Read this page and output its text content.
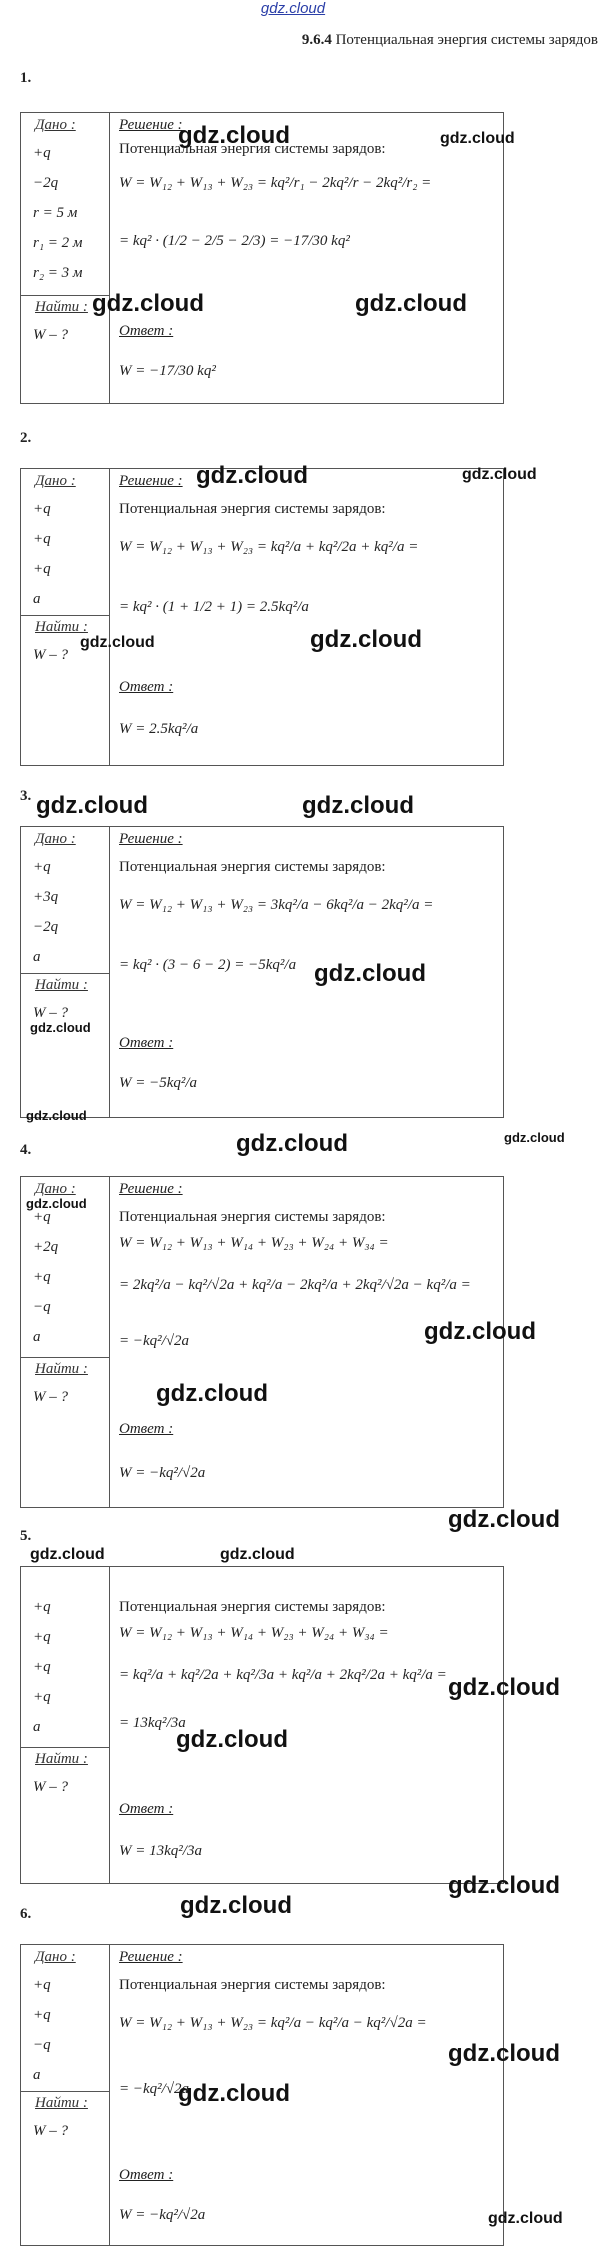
gdz.cloud
9.6.4 Потенциальная энергия системы зарядов
1.
Дано :
+q
−2q
r = 5 м
r₁ = 2 м
r₂ = 3 м
Найти :
W – ?
Решение :
Потенциальная энергия системы зарядов:
W = W₁₂ + W₁₃ + W₂₃ = kq²/r₁ − 2kq²/r − 2kq²/r₂ =
= kq² · (1/2 − 2/5 − 2/3) = −17/30 kq²
Ответ :
W = −17/30 kq²
2.
Дано :
+q
+q
+q
a
Найти :
W – ?
Решение :
Потенциальная энергия системы зарядов:
W = W₁₂ + W₁₃ + W₂₃ = kq²/a + kq²/2a + kq²/a =
= kq² · (1 + 1/2 + 1) = 2.5kq²/a
Ответ :
W = 2.5kq²/a
3.
Дано :
+q
+3q
−2q
a
Найти :
W – ?
Решение :
Потенциальная энергия системы зарядов:
W = W₁₂ + W₁₃ + W₂₃ = 3kq²/a − 6kq²/a − 2kq²/a =
= kq² · (3 − 6 − 2) = −5kq²/a
Ответ :
W = −5kq²/a
4.
Дано :
+q
+2q
+q
−q
a
Найти :
W – ?
Решение :
Потенциальная энергия системы зарядов:
W = W₁₂ + W₁₃ + W₁₄ + W₂₃ + W₂₄ + W₃₄ =
= 2kq²/a − kq²/√2a + kq²/a − 2kq²/a + 2kq²/√2a − kq²/a =
= −kq²/√2a
Ответ :
W = −kq²/√2a
5.
+q
+q
+q
+q
a
Найти :
W – ?
Потенциальная энергия системы зарядов:
W = W₁₂ + W₁₃ + W₁₄ + W₂₃ + W₂₄ + W₃₄ =
= kq²/a + kq²/2a + kq²/3a + kq²/a + 2kq²/2a + kq²/a =
= 13kq²/3a
Ответ :
W = 13kq²/3a
6.
Дано :
+q
+q
−q
a
Найти :
W – ?
Решение :
Потенциальная энергия системы зарядов:
W = W₁₂ + W₁₃ + W₂₃ = kq²/a − kq²/a − kq²/√2a =
= −kq²/√2a
Ответ :
W = −kq²/√2a
gdz.cloud	gdz.cloud
gdz.cloud	gdz.cloud
gdz.cloud	gdz.cloud
gdz.cloud	gdz.cloud
gdz.cloud	gdz.cloud
gdz.cloud
gdz.cloud
gdz.cloud
gdz.cloud	gdz.cloud
gdz.cloud
gdz.cloud
gdz.cloud
gdz.cloud
gdz.cloud	gdz.cloud
gdz.cloud
gdz.cloud
gdz.cloud
gdz.cloud
gdz.cloud
gdz.cloud
gdz.cloud
